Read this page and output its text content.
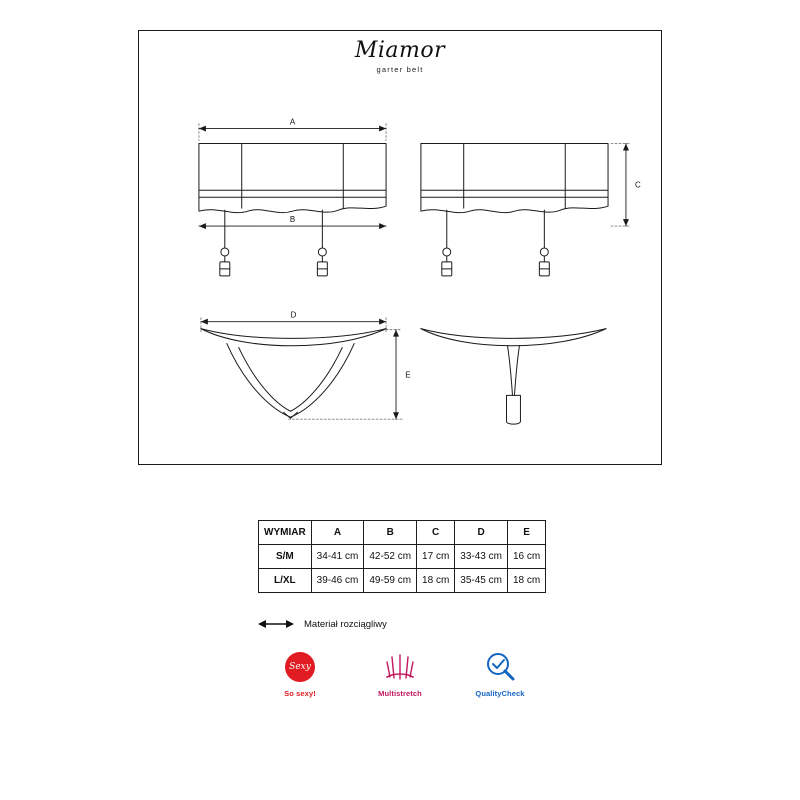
Miamor
garter belt
A
B
C
D
E
WYMIAR	A	B	C	D	E
S/M	34-41 cm	42-52 cm	17 cm	33-43 cm	16 cm
L/XL	39-46 cm	49-59 cm	18 cm	35-45 cm	18 cm
Materiał rozciągliwy
Sexy
So sexy!	Multistretch	QualityCheck
